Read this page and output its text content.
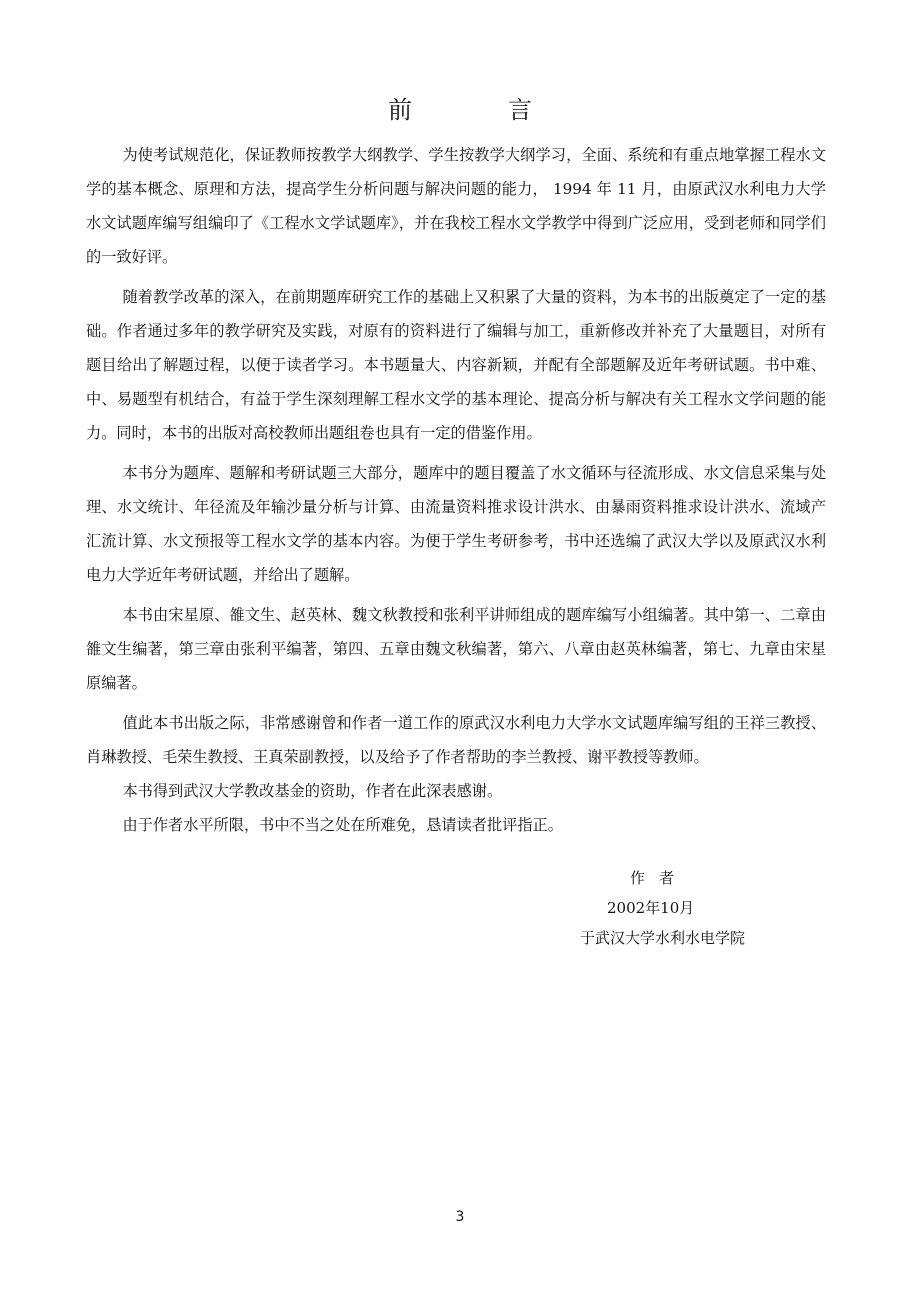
前　言

为使考试规范化，保证教师按教学大纲教学、学生按教学大纲学习，全面、系统和有重点地掌握工程水文学的基本概念、原理和方法，提高学生分析问题与解决问题的能力， 1994 年 11 月，由原武汉水利电力大学水文试题库编写组编印了《工程水文学试题库》，并在我校工程水文学教学中得到广泛应用，受到老师和同学们的一致好评。

随着教学改革的深入，在前期题库研究工作的基础上又积累了大量的资料，为本书的出版奠定了一定的基础。作者通过多年的教学研究及实践，对原有的资料进行了编辑与加工，重新修改并补充了大量题目，对所有题目给出了解题过程，以便于读者学习。本书题量大、内容新颖，并配有全部题解及近年考研试题。书中难、中、易题型有机结合，有益于学生深刻理解工程水文学的基本理论、提高分析与解决有关工程水文学问题的能力。同时，本书的出版对高校教师出题组卷也具有一定的借鉴作用。

本书分为题库、题解和考研试题三大部分，题库中的题目覆盖了水文循环与径流形成、水文信息采集与处理、水文统计、年径流及年输沙量分析与计算、由流量资料推求设计洪水、由暴雨资料推求设计洪水、流域产汇流计算、水文预报等工程水文学的基本内容。为便于学生考研参考，书中还选编了武汉大学以及原武汉水利电力大学近年考研试题，并给出了题解。

本书由宋星原、雒文生、赵英林、魏文秋教授和张利平讲师组成的题库编写小组编著。其中第一、二章由雒文生编著，第三章由张利平编著，第四、五章由魏文秋编著，第六、八章由赵英林编著，第七、九章由宋星原编著。

值此本书出版之际，非常感谢曾和作者一道工作的原武汉水利电力大学水文试题库编写组的王祥三教授、肖琳教授、毛荣生教授、王真荣副教授，以及给予了作者帮助的李兰教授、谢平教授等教师。

本书得到武汉大学教改基金的资助，作者在此深表感谢。

由于作者水平所限，书中不当之处在所难免，恳请读者批评指正。

作者
2002年10月
于武汉大学水利水电学院
3
